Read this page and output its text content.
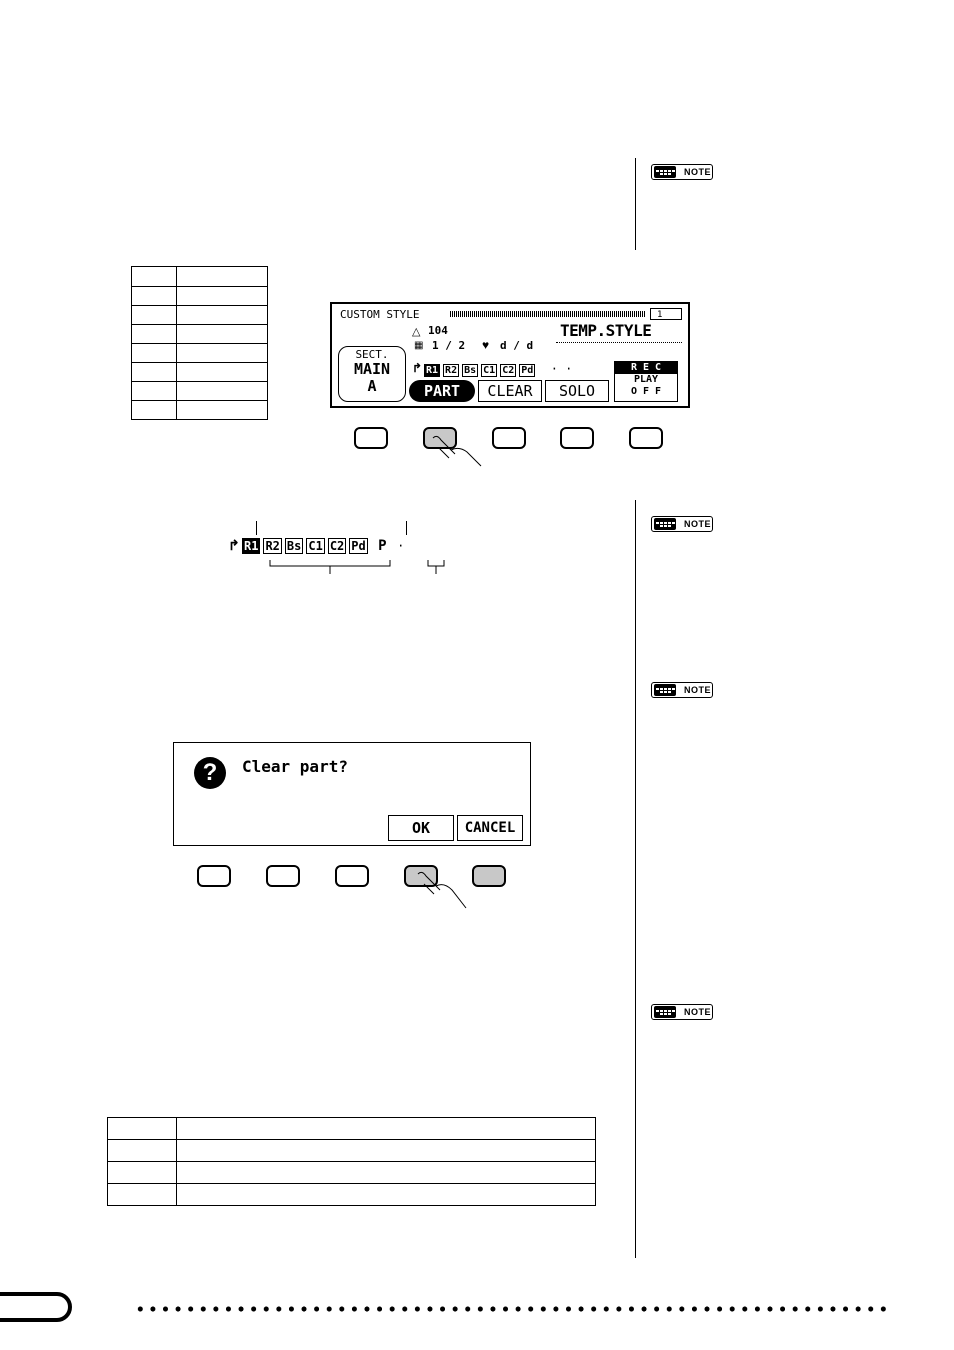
NOTE
NOTE
NOTE
NOTE

CUSTOM STYLE	1
△ 104
▦ 1 / 2 ♥ d / d
TEMP.STYLE
SECT.
MAIN
A
↱ R1 R2 Bs C1 C2 Pd · ·
PART	CLEAR	SOLO
R E C
PLAY
O F F
↱ R1 R2 Bs C1 C2 Pd P ·
?	Clear part?
OK	CANCEL
